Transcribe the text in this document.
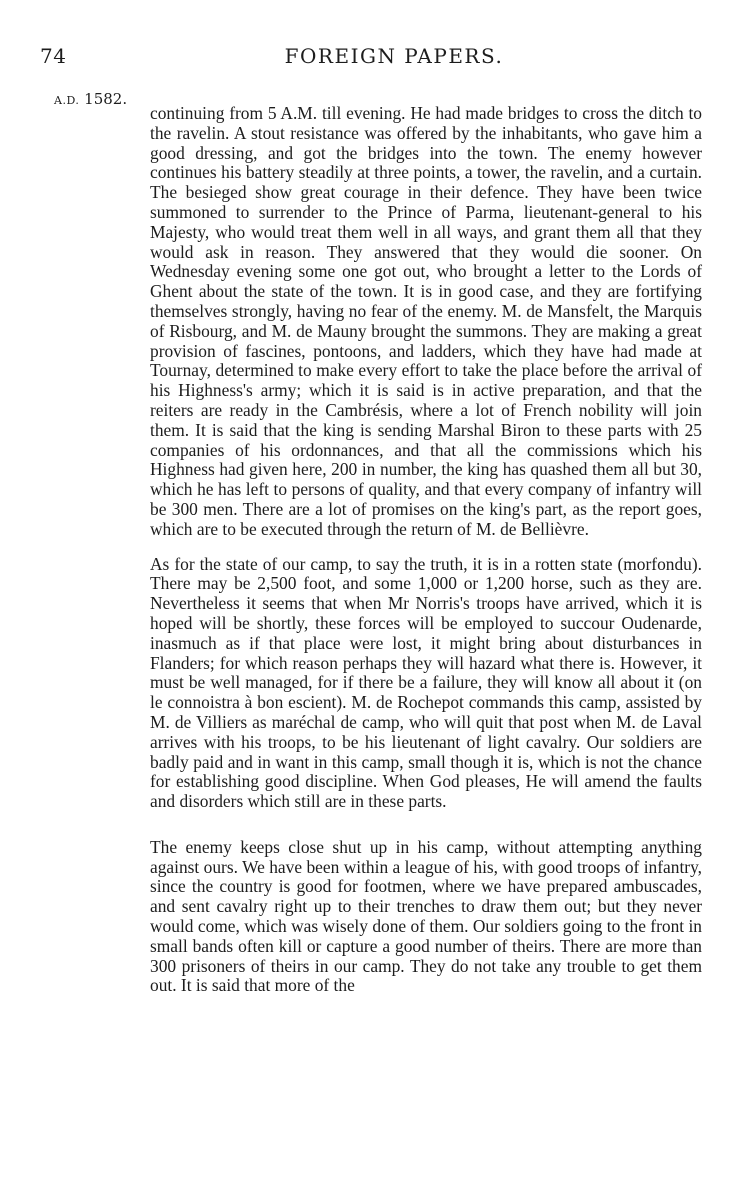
74	FOREIGN PAPERS.
A.D. 1582.

continuing from 5 A.M. till evening. He had made bridges to cross the ditch to the ravelin. A stout resistance was offered by the inhabitants, who gave him a good dressing, and got the bridges into the town. The enemy however continues his battery steadily at three points, a tower, the ravelin, and a curtain. The besieged show great courage in their defence. They have been twice summoned to surrender to the Prince of Parma, lieutenant-general to his Majesty, who would treat them well in all ways, and grant them all that they would ask in reason. They answered that they would die sooner. On Wednesday evening some one got out, who brought a letter to the Lords of Ghent about the state of the town. It is in good case, and they are fortifying themselves strongly, having no fear of the enemy. M. de Mansfelt, the Marquis of Risbourg, and M. de Mauny brought the summons. They are making a great provision of fascines, pontoons, and ladders, which they have had made at Tournay, determined to make every effort to take the place before the arrival of his Highness's army; which it is said is in active preparation, and that the reiters are ready in the Cambrésis, where a lot of French nobility will join them. It is said that the king is sending Marshal Biron to these parts with 25 companies of his ordonnances, and that all the commissions which his Highness had given here, 200 in number, the king has quashed them all but 30, which he has left to persons of quality, and that every company of infantry will be 300 men. There are a lot of promises on the king's part, as the report goes, which are to be executed through the return of M. de Bellièvre.

As for the state of our camp, to say the truth, it is in a rotten state (morfondu). There may be 2,500 foot, and some 1,000 or 1,200 horse, such as they are. Nevertheless it seems that when Mr Norris's troops have arrived, which it is hoped will be shortly, these forces will be employed to succour Oudenarde, inasmuch as if that place were lost, it might bring about disturbances in Flanders; for which reason perhaps they will hazard what there is. However, it must be well managed, for if there be a failure, they will know all about it (on le connoistra à bon escient). M. de Rochepot commands this camp, assisted by M. de Villiers as maréchal de camp, who will quit that post when M. de Laval arrives with his troops, to be his lieutenant of light cavalry. Our soldiers are badly paid and in want in this camp, small though it is, which is not the chance for establishing good discipline. When God pleases, He will amend the faults and disorders which still are in these parts.

The enemy keeps close shut up in his camp, without attempting anything against ours. We have been within a league of his, with good troops of infantry, since the country is good for footmen, where we have prepared ambuscades, and sent cavalry right up to their trenches to draw them out; but they never would come, which was wisely done of them. Our soldiers going to the front in small bands often kill or capture a good number of theirs. There are more than 300 prisoners of theirs in our camp. They do not take any trouble to get them out. It is said that more of the
